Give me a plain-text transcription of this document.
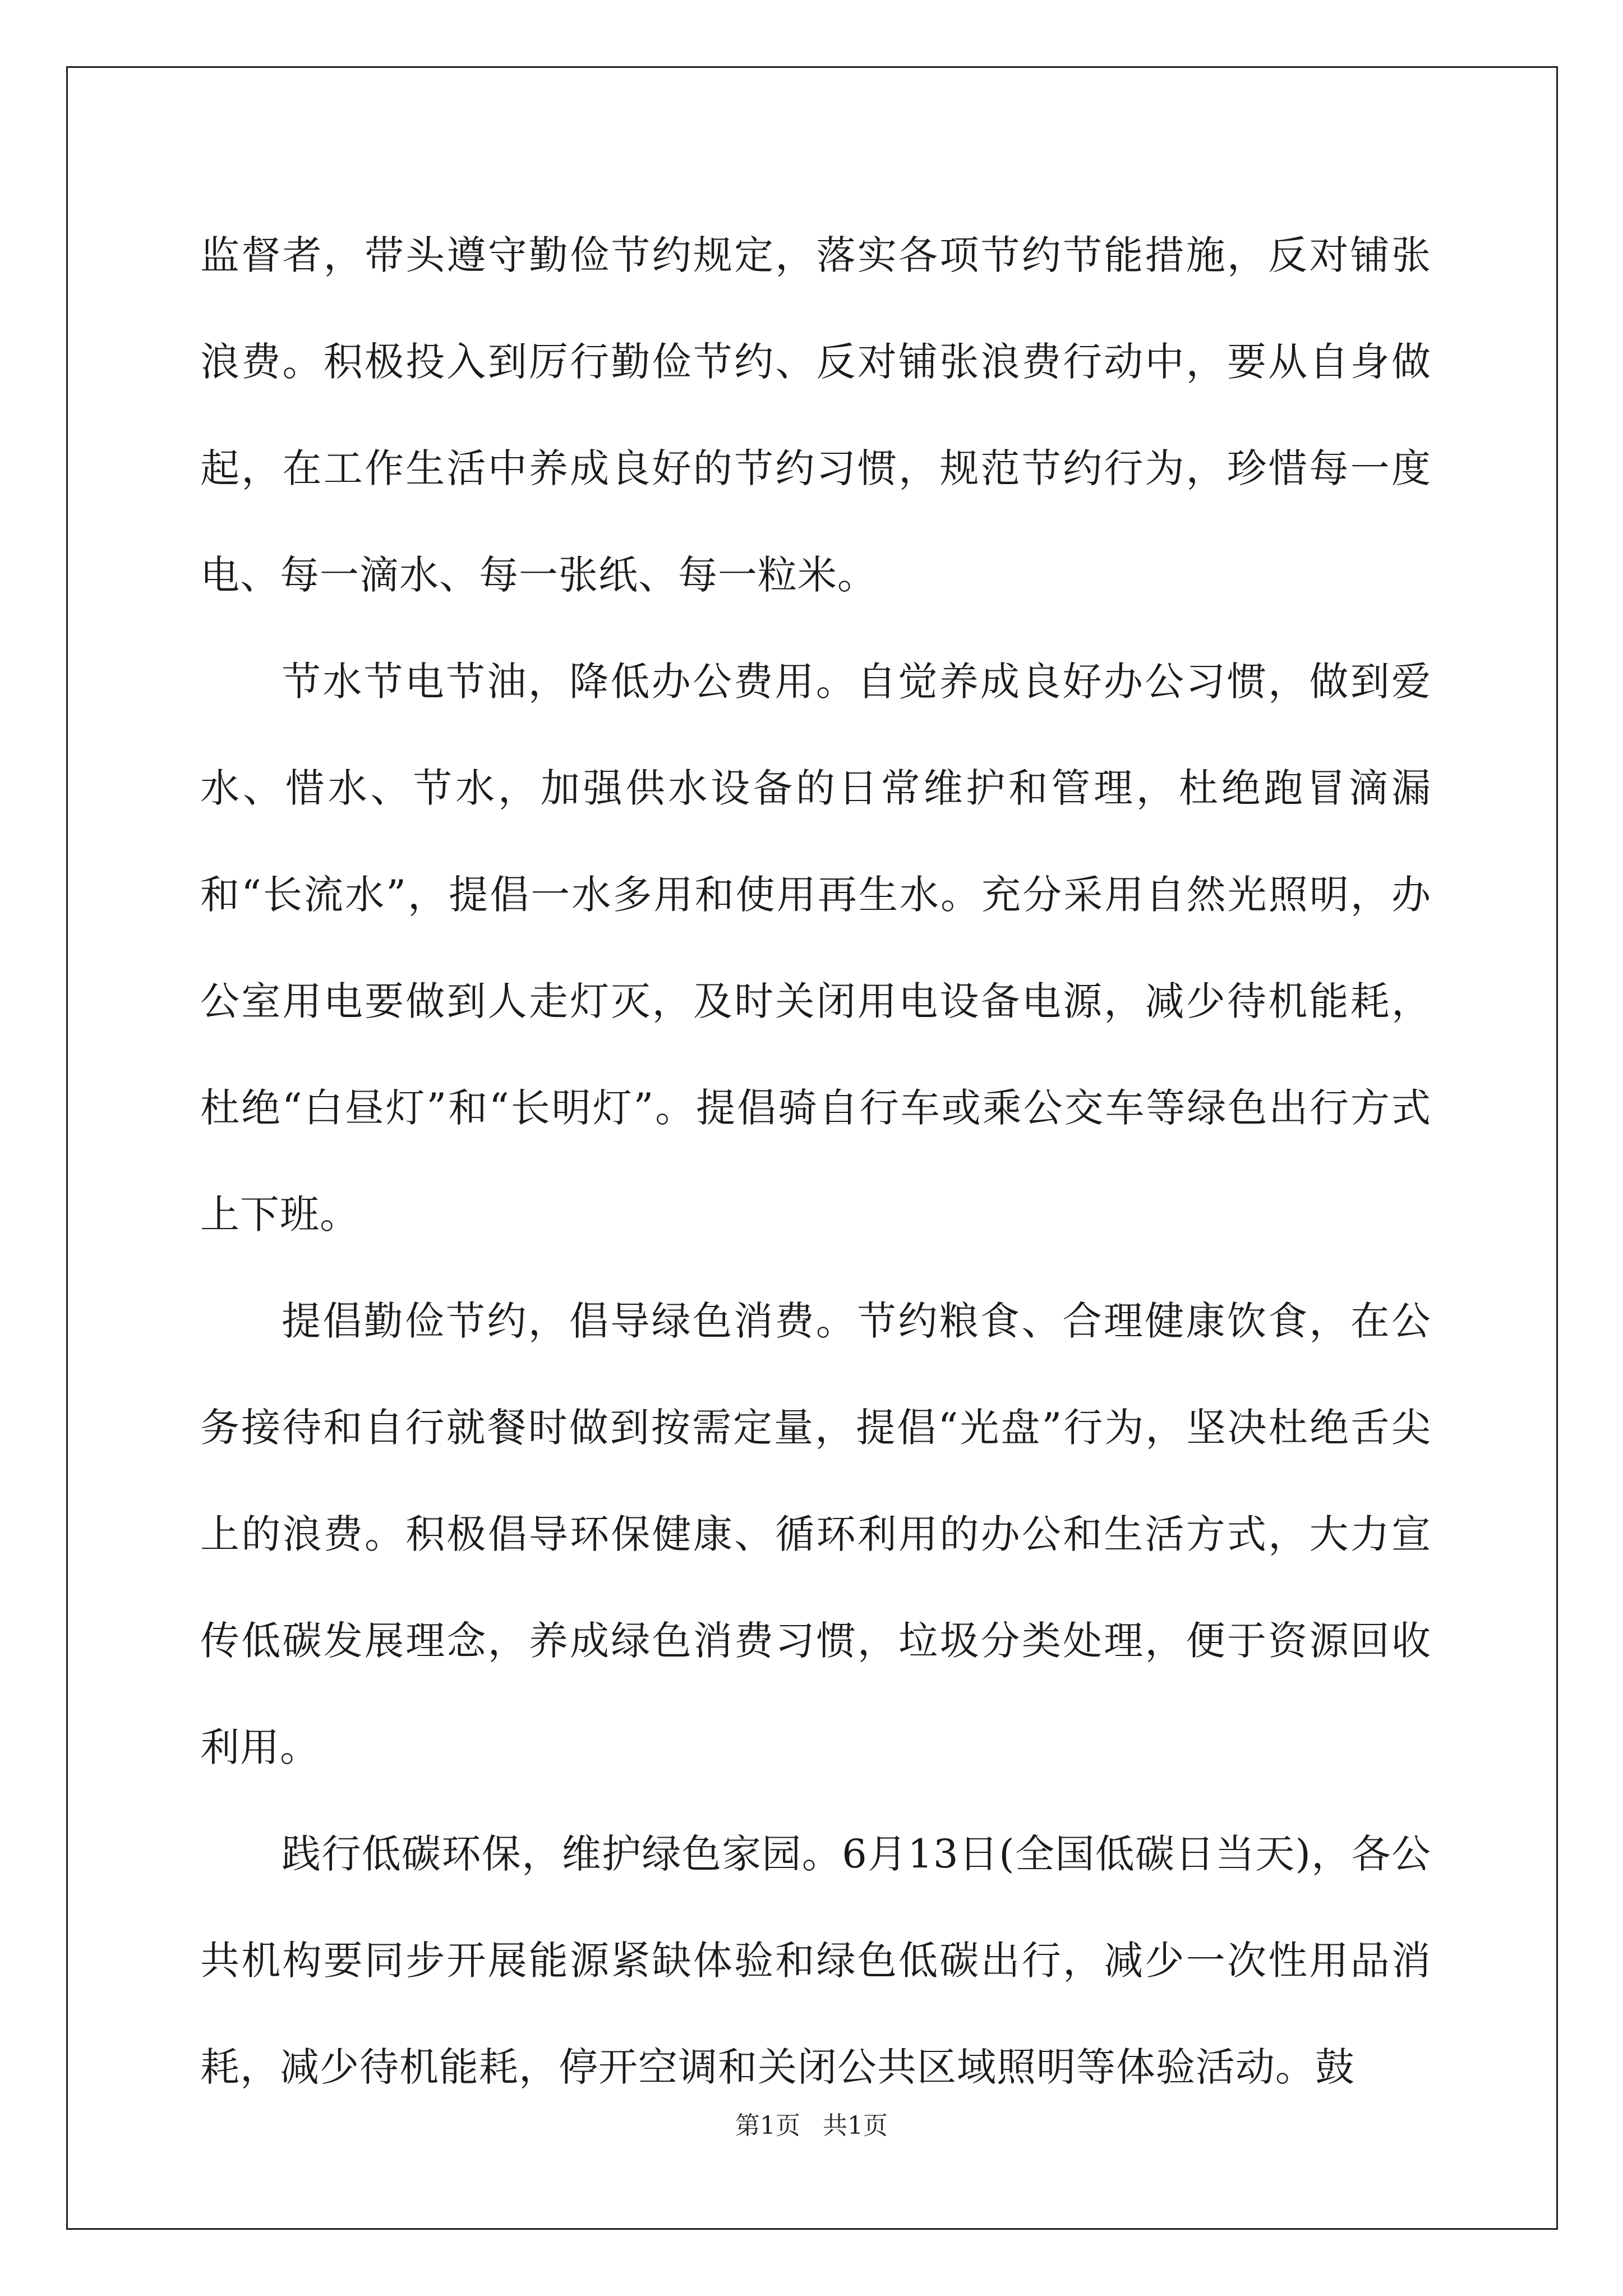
监督者，带头遵守勤俭节约规定，落实各项节约节能措施，反对铺张浪费。积极投入到厉行勤俭节约、反对铺张浪费行动中，要从自身做起，在工作生活中养成良好的节约习惯，规范节约行为，珍惜每一度电、每一滴水、每一张纸、每一粒米。

节水节电节油，降低办公费用。自觉养成良好办公习惯，做到爱水、惜水、节水，加强供水设备的日常维护和管理，杜绝跑冒滴漏和“长流水”，提倡一水多用和使用再生水。充分采用自然光照明，办公室用电要做到人走灯灭，及时关闭用电设备电源，减少待机能耗，杜绝“白昼灯”和“长明灯”。提倡骑自行车或乘公交车等绿色出行方式上下班。

提倡勤俭节约，倡导绿色消费。节约粮食、合理健康饮食，在公务接待和自行就餐时做到按需定量，提倡“光盘”行为，坚决杜绝舌尖上的浪费。积极倡导环保健康、循环利用的办公和生活方式，大力宣传低碳发展理念，养成绿色消费习惯，垃圾分类处理，便于资源回收利用。

践行低碳环保，维护绿色家园。6月13日(全国低碳日当天)，各公共机构要同步开展能源紧缺体验和绿色低碳出行，减少一次性用品消耗，减少待机能耗，停开空调和关闭公共区域照明等体验活动。鼓

第1页 共1页
